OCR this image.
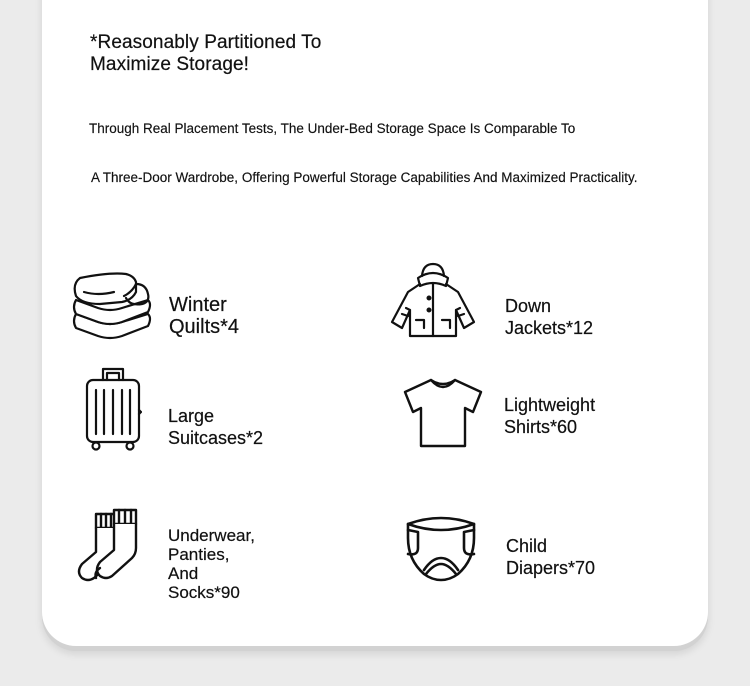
*Reasonably Partitioned To
Maximize Storage!
Through Real Placement Tests, The Under-Bed Storage Space Is Comparable To
A Three-Door Wardrobe, Offering Powerful Storage Capabilities And Maximized Practicality.
Winter Quilts*4
Down Jackets*12
Large Suitcases*2
Lightweight
Shirts*60
Underwear, Panties,
And Socks*90
Child Diapers*70
